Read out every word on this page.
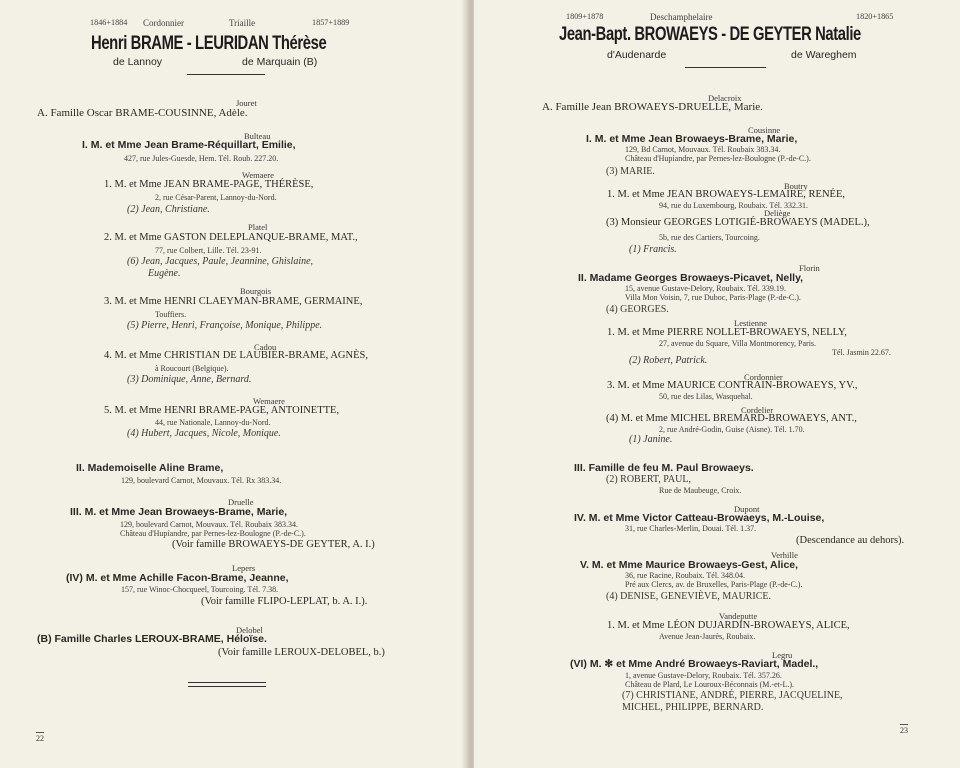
1846+1884 Cordonnier	Tríaille	1857+1889
Henri BRAME - LEURIDAN Thérèse
de Lannoy	de Marquain (B)
Jouret
A. Famille Oscar BRAME-COUSINNE, Adèle.
Bulteau
I. M. et Mme Jean Brame-Réquillart, Emilie,
427, rue Jules-Guesde, Hem. Tél. Roub. 227.20.
Wemaere
1. M. et Mme JEAN BRAME-PAGE, THÉRÈSE,
2, rue César-Parent, Lannoy-du-Nord.
(2) Jean, Christiane.
Platel
2. M. et Mme GASTON DELEPLANQUE-BRAME, MAT.,
77, rue Colbert, Lille. Tél. 23-91.
(6) Jean, Jacques, Paule, Jeannine, Ghislaine,
Eugène.
Bourgois
3. M. et Mme HENRI CLAEYMAN-BRAME, GERMAINE,
Touffiers.
(5) Pierre, Henri, Françoise, Monique, Philippe.
Cadou
4. M. et Mme CHRISTIAN DE LAUBIER-BRAME, AGNÈS,
à Roucourt (Belgique).
(3) Dominique, Anne, Bernard.
Wemaere
5. M. et Mme HENRI BRAME-PAGE, ANTOINETTE,
44, rue Nationale, Lannoy-du-Nord.
(4) Hubert, Jacques, Nicole, Monique.
II. Mademoiselle Aline Brame,
129, boulevard Carnot, Mouvaux. Tél. Rx 383.34.
Druelle
III. M. et Mme Jean Browaeys-Brame, Marie,
129, boulevard Carnot, Mouvaux. Tél. Roubaix 383.34.
Château d'Hupíandre, par Pernes-lez-Boulogne (P.-de-C.).
(Voir famille BROWAEYS-DE GEYTER, A. I.)
Lepers
(IV) M. et Mme Achille Facon-Brame, Jeanne,
157, rue Winoc-Chocqueel, Tourcoing. Tél. 7.38.
(Voir famille FLIPO-LEPLAT, b. A. I.).
Delobel
(B) Famille Charles LEROUX-BRAME, Héloïse.
(Voir famille LEROUX-DELOBEL, b.)
22
1809+1878	Deschamphelaire	1820+1865
Jean-Bapt. BROWAEYS - DE GEYTER Natalie
d'Audenarde	de Wareghem
Delacroix
A. Famille Jean BROWAEYS-DRUELLE, Marie.
Cousinne
I. M. et Mme Jean Browaeys-Brame, Marie,
129, Bd Carnot, Mouvaux. Tél. Roubaix 383.34.
Château d'Hupíandre, par Pernes-lez-Boulogne (P.-de-C.).
(3) MARIE.
Boutry
1. M. et Mme JEAN BROWAEYS-LEMAIRE, RENÉE,
94, rue du Luxembourg, Roubaix. Tél. 332.31.
Deliège
(3) Monsieur GEORGES LOTIGIÉ-BROWAEYS (MADEL.),
5b, rue des Cartiers, Tourcoing.
(1) Francis.
Florin
II. Madame Georges Browaeys-Picavet, Nelly,
15, avenue Gustave-Delory, Roubaix. Tél. 339.19.
Villa Mon Voisin, 7, rue Duboc, Paris-Plage (P.-de-C.).
(4) GEORGES.
Lestienne
1. M. et Mme PIERRE NOLLET-BROWAEYS, NELLY,
27, avenue du Square, Villa Montmorency, Paris.
Tél. Jasmin 22.67.
(2) Robert, Patrick.
Cordonnier
3. M. et Mme MAURICE CONTRAIN-BROWAEYS, YV.,
50, rue des Lilas, Wasquehal.
Cordelier
(4) M. et Mme MICHEL BREMARD-BROWAEYS, ANT.,
2, rue André-Godin, Guise (Aisne). Tél. 1.70.
(1) Janine.
III. Famille de feu M. Paul Browaeys.
(2) ROBERT, PAUL,
Rue de Maubeuge, Croix.
Dupont
IV. M. et Mme Victor Catteau-Browaeys, M.-Louise,
31, rue Charles-Merlin, Douai. Tél. 1.37.
(Descendance au dehors).
Verhille
V. M. et Mme Maurice Browaeys-Gest, Alice,
36, rue Racine, Roubaix. Tél. 348.04.
Pré aux Clercs, av. de Bruxelles, Paris-Plage (P.-de-C.).
(4) DENISE, GENEVIÈVE, MAURICE.
Vandeputte
1. M. et Mme LÉON DUJARDIN-BROWAEYS, ALICE,
Avenue Jean-Jaurès, Roubaix.
Legru
(VI) M. ✻ et Mme André Browaeys-Raviart, Madel.,
1, avenue Gustave-Delory, Roubaix. Tél. 357.26.
Château de Plard, Le Louroux-Béconnais (M.-et-L.).
(7) CHRISTIANE, ANDRÉ, PIERRE, JACQUELINE,
MICHEL, PHILIPPE, BERNARD.
23
